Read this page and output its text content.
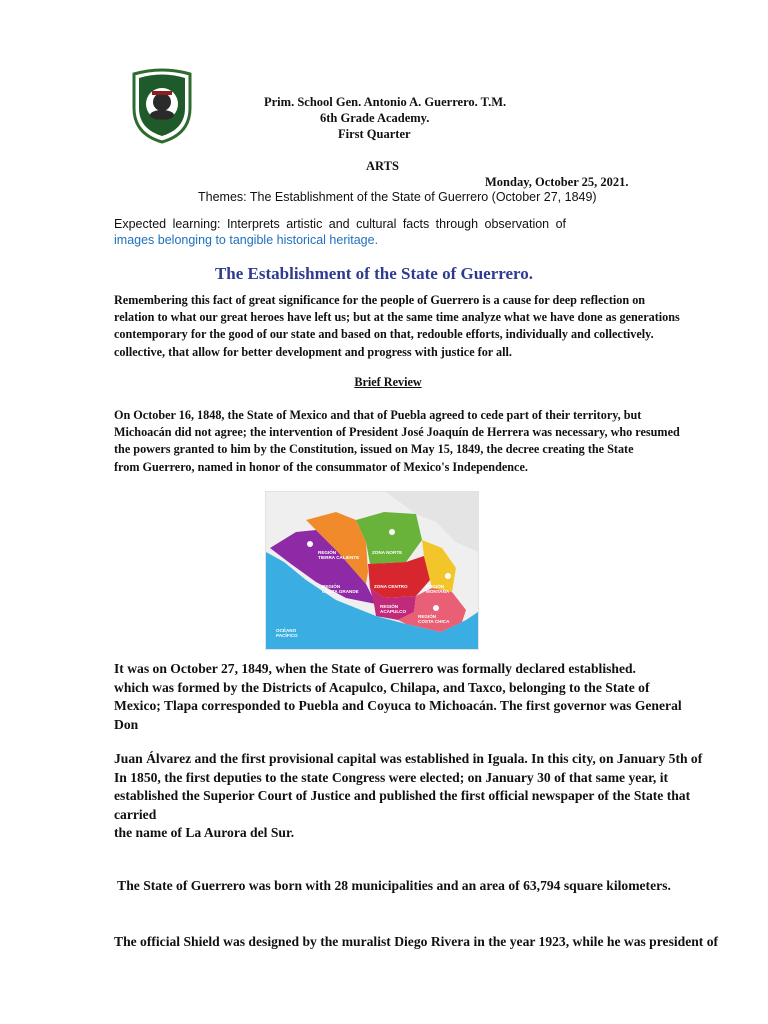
Prim. School Gen. Antonio A. Guerrero. T.M.
6th Grade Academy.
First Quarter
ARTS
Monday, October 25, 2021.
Themes: The Establishment of the State of Guerrero (October 27, 1849)
Expected learning: Interprets artistic and cultural facts through observation of
images belonging to tangible historical heritage.
The Establishment of the State of Guerrero.
Remembering this fact of great significance for the people of Guerrero is a cause for deep reflection on
relation to what our great heroes have left us; but at the same time analyze what we have done as generations
contemporary for the good of our state and based on that, redouble efforts, individually and collectively.
collective, that allow for better development and progress with justice for all.
Brief Review
On October 16, 1848, the State of Mexico and that of Puebla agreed to cede part of their territory, but
Michoacán did not agree; the intervention of President José Joaquín de Herrera was necessary, who resumed
the powers granted to him by the Constitution, issued on May 15, 1849, the decree creating the State
from Guerrero, named in honor of the consummator of Mexico's Independence.
REGIÓN TIERRA CALIENTE
ZONA NORTE
ZONA CENTRO	REGIÓN MONTAÑA
REGIÓN COSTA GRANDE
REGIÓN ACAPULCO
REGIÓN COSTA CHICA
OCÉANO PACÍFICO
It was on October 27, 1849, when the State of Guerrero was formally declared established.
which was formed by the Districts of Acapulco, Chilapa, and Taxco, belonging to the State of
Mexico; Tlapa corresponded to Puebla and Coyuca to Michoacán. The first governor was General
Don
Juan Álvarez and the first provisional capital was established in Iguala. In this city, on January 5th of
In 1850, the first deputies to the state Congress were elected; on January 30 of that same year, it
established the Superior Court of Justice and published the first official newspaper of the State that carried
the name of La Aurora del Sur.

The State of Guerrero was born with 28 municipalities and an area of 63,794 square kilometers.

The official Shield was designed by the muralist Diego Rivera in the year 1923, while he was president of
